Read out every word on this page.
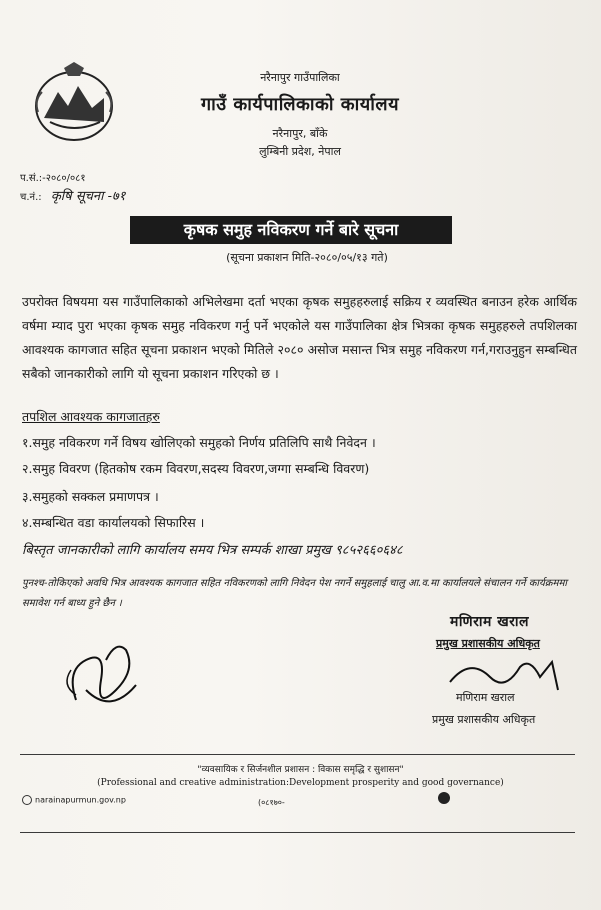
नरैनापुर गाउँपालिका
गाउँ कार्यपालिकाको कार्यालय
नरैनापुर, बाँके
लुम्बिनी प्रदेश, नेपाल
प.सं.:-२०८०/०८१
च.नं.: कृषि सूचना -७१
कृषक समुह नविकरण गर्ने बारे सूचना
(सूचना प्रकाशन मिति-२०८०/०५/१३ गते)
उपरोक्त विषयमा यस गाउँपालिकाको अभिलेखमा दर्ता भएका कृषक समुहहरुलाई सक्रिय र व्यवस्थित बनाउन हरेक आर्थिक वर्षमा म्याद पुरा भएका कृषक समुह नविकरण गर्नु पर्ने भएकोले यस गाउँपालिका क्षेत्र भित्रका कृषक समुहहरुले तपशिलका आवश्यक कागजात सहित सूचना प्रकाशन भएको मितिले २०८० असोज मसान्त भित्र समुह नविकरण गर्न,गराउनुहुन सम्बन्धित सबैको जानकारीको लागि यो सूचना प्रकाशन गरिएको छ ।
तपशिल आवश्यक कागजातहरु
१.समुह नविकरण गर्ने विषय खोलिएको समुहको निर्णय प्रतिलिपि साथै निवेदन ।
२.समुह विवरण (हितकोष रकम विवरण,सदस्य विवरण,जग्गा सम्बन्धि विवरण)
३.समुहको सक्कल प्रमाणपत्र ।
४.सम्बन्धित वडा कार्यालयको सिफारिस ।
बिस्तृत जानकारीको लागि कार्यालय समय भित्र सम्पर्क शाखा प्रमुख ९८५२६६०६४८
पुनश्च-तोकिएको अवधि भित्र आवश्यक कागजात सहित नविकरणको लागि निवेदन पेश नगर्ने समुहलाई चालु आ.व.मा कार्यालयले संचालन गर्ने कार्यक्रममा समावेश गर्न बाध्य हुने छैन ।
मणिराम खराल
प्रमुख प्रशासकीय अधिकृत
मणिराम खराल
प्रमुख प्रशासकीय अधिकृत
"व्यवसायिक र सिर्जनशील प्रशासन : विकास समृद्धि र सुशासन"
(Professional and creative administration:Development prosperity and good governance)
narainapurmun.gov.np	(०८१७०-
